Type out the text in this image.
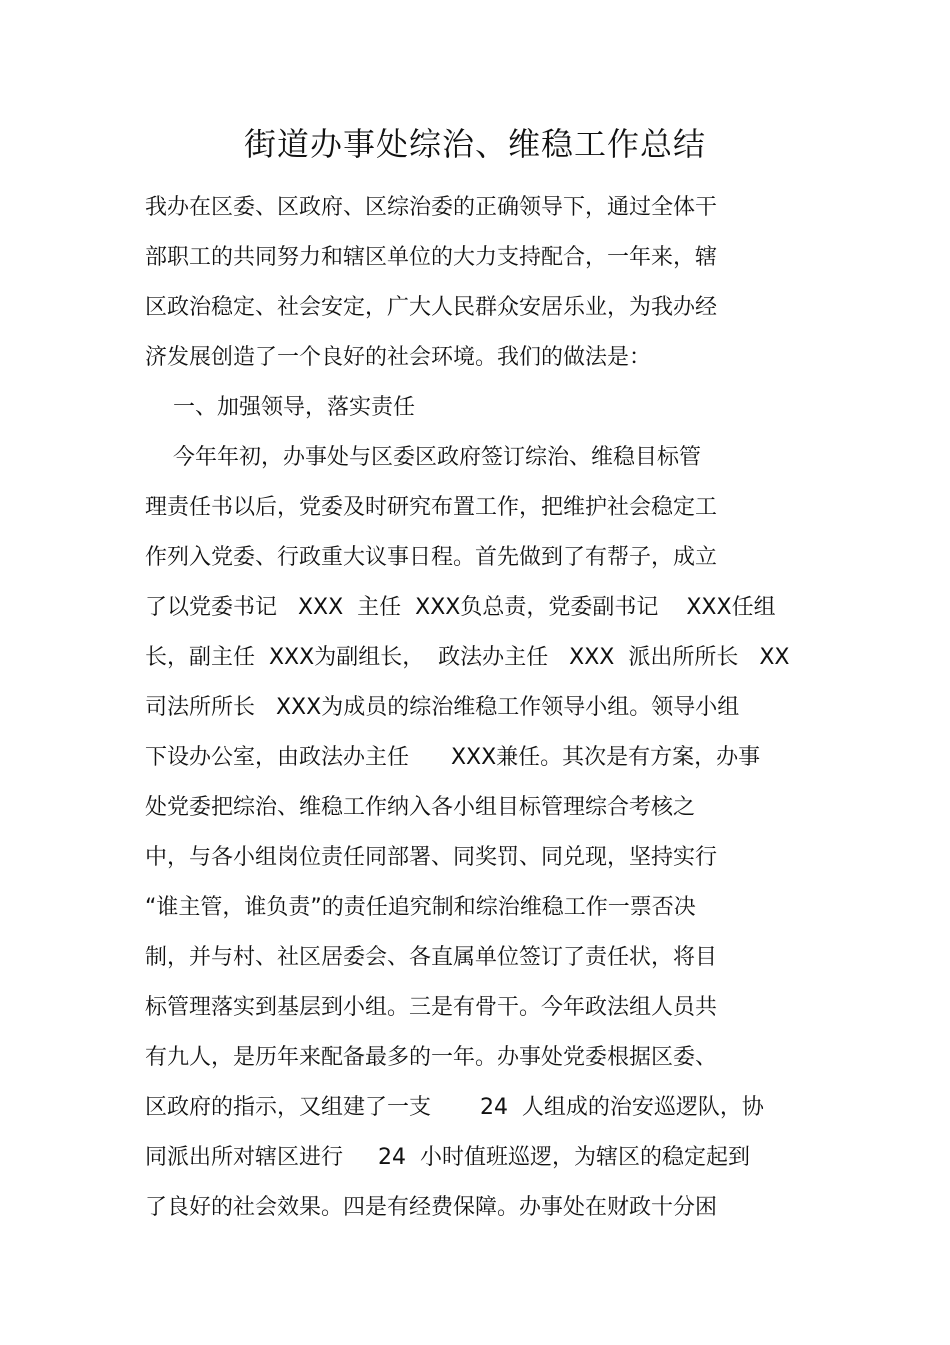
街道办事处综治、维稳工作总结
我办在区委、区政府、区综治委的正确领导下，通过全体干
部职工的共同努力和辖区单位的大力支持配合，一年来，辖
区政治稳定、社会安定，广大人民群众安居乐业，为我办经
济发展创造了一个良好的社会环境。我们的做法是：
一、加强领导，落实责任
今年年初，办事处与区委区政府签订综治、维稳目标管
理责任书以后，党委及时研究布置工作，把维护社会稳定工
作列入党委、行政重大议事日程。首先做到了有帮子，成立
了以党委书记   XXX  主任  XXX负总责，党委副书记    XXX任组
长，副主任  XXX为副组长，  政法办主任   XXX  派出所所长   XX
司法所所长   XXX为成员的综治维稳工作领导小组。领导小组
下设办公室，由政法办主任      XXX兼任。其次是有方案，办事
处党委把综治、维稳工作纳入各小组目标管理综合考核之
中，与各小组岗位责任同部署、同奖罚、同兑现，坚持实行
“谁主管，谁负责”的责任追究制和综治维稳工作一票否决
制，并与村、社区居委会、各直属单位签订了责任状，将目
标管理落实到基层到小组。三是有骨干。今年政法组人员共
有九人，是历年来配备最多的一年。办事处党委根据区委、
区政府的指示，又组建了一支       24  人组成的治安巡逻队，协
同派出所对辖区进行     24  小时值班巡逻，为辖区的稳定起到
了良好的社会效果。四是有经费保障。办事处在财政十分困
